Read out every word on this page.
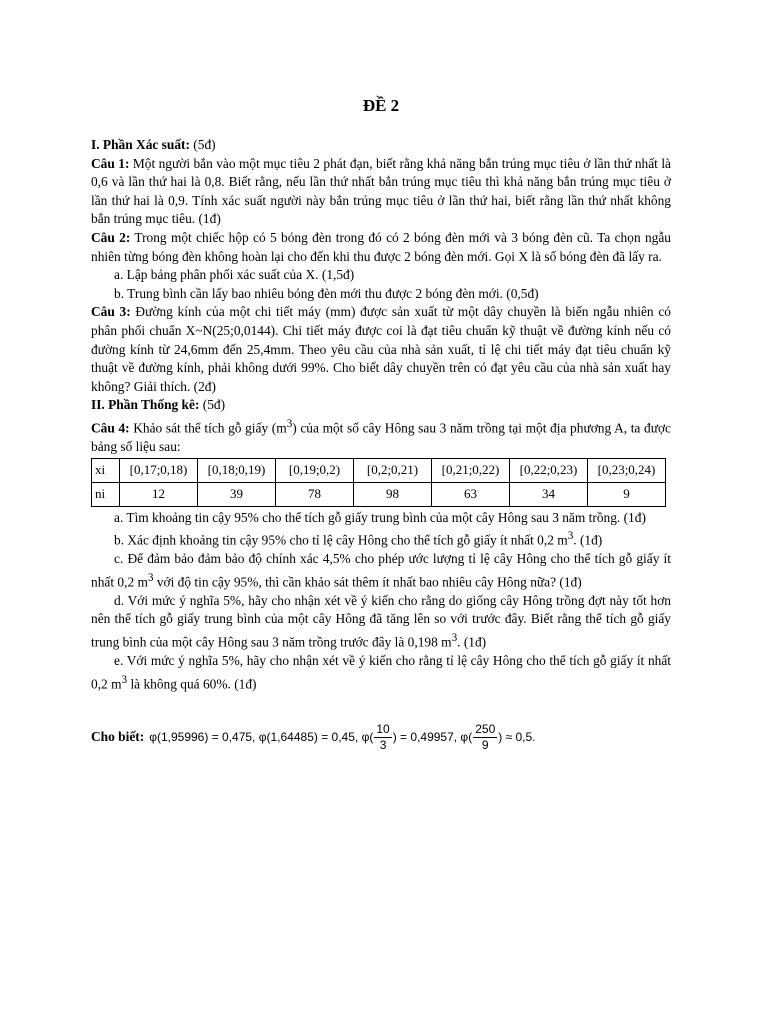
ĐỀ 2

I. Phần Xác suất: (5đ)

Câu 1: Một người bắn vào một mục tiêu 2 phát đạn, biết rằng khả năng bắn trúng mục tiêu ở lần thứ nhất là 0,6 và lần thứ hai là 0,8. Biết rằng, nếu lần thứ nhất bắn trúng mục tiêu thì khả năng bắn trúng mục tiêu ở lần thứ hai là 0,9. Tính xác suất người này bắn trúng mục tiêu ở lần thứ hai, biết rằng lần thứ nhất không bắn trúng mục tiêu. (1đ)

Câu 2: Trong một chiếc hộp có 5 bóng đèn trong đó có 2 bóng đèn mới và 3 bóng đèn cũ. Ta chọn ngẫu nhiên từng bóng đèn không hoàn lại cho đến khi thu được 2 bóng đèn mới. Gọi X là số bóng đèn đã lấy ra.

a. Lập bảng phân phối xác suất của X. (1,5đ)

b. Trung bình cần lấy bao nhiêu bóng đèn mới thu được 2 bóng đèn mới. (0,5đ)

Câu 3: Đường kính của một chi tiết máy (mm) được sản xuất từ một dây chuyền là biến ngẫu nhiên có phân phối chuẩn X~N(25;0,0144). Chi tiết máy được coi là đạt tiêu chuẩn kỹ thuật về đường kính nếu có đường kính từ 24,6mm đến 25,4mm. Theo yêu cầu của nhà sản xuất, tỉ lệ chi tiết máy đạt tiêu chuẩn kỹ thuật về đường kính, phải không dưới 99%. Cho biết dây chuyền trên có đạt yêu cầu của nhà sản xuất hay không? Giải thích. (2đ)

II. Phần Thống kê: (5đ)

Câu 4: Khảo sát thể tích gỗ giấy $(m^3)$ của một số cây Hông sau 3 năm trồng tại một địa phương A, ta được bảng số liệu sau:

xi	[0,17;0,18)	[0,18;0,19)	[0,19;0,2)	[0,2;0,21)	[0,21;0,22)	[0,22;0,23)	[0,23;0,24)
ni	12	39	78	98	63	34	9

a. Tìm khoảng tin cậy 95% cho thể tích gỗ giấy trung bình của một cây Hông sau 3 năm trồng. (1đ)

b. Xác định khoảng tin cậy 95% cho tỉ lệ cây Hông cho thể tích gỗ giấy ít nhất 0,2 $m^3$. (1đ)

c. Để đảm bảo đảm bảo độ chính xác 4,5% cho phép ước lượng tỉ lệ cây Hông cho thể tích gỗ giấy ít nhất 0,2 $m^3$ với độ tin cậy 95%, thì cần khảo sát thêm ít nhất bao nhiêu cây Hông nữa? (1đ)

d. Với mức ý nghĩa 5%, hãy cho nhận xét về ý kiến cho rằng do giống cây Hông trồng đợt này tốt hơn nên thể tích gỗ giấy trung bình của một cây Hông đã tăng lên so với trước đây. Biết rằng thể tích gỗ giấy trung bình của một cây Hông sau 3 năm trồng trước đây là 0,198 $m^3$. (1đ)

e. Với mức ý nghĩa 5%, hãy cho nhận xét về ý kiến cho rằng tỉ lệ cây Hông cho thể tích gỗ giấy ít nhất 0,2 $m^3$ là không quá 60%. (1đ)

Cho biết: φ(1,95996) = 0,475, φ(1,64485) = 0,45, $\varphi( \frac{10}{3}$ ) = 0,49957, $\varphi( \frac{250}{9}$ ) ≈ 0,5.
